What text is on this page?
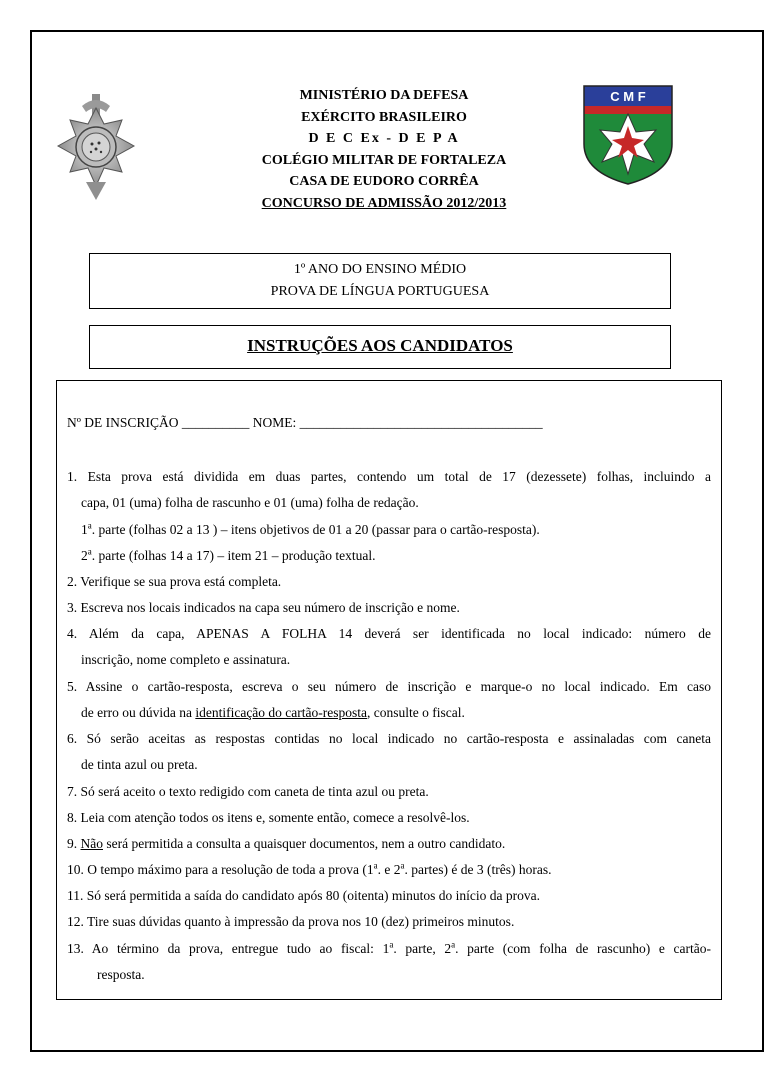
C M F
MINISTÉRIO DA DEFESA
EXÉRCITO BRASILEIRO
D E C Ex - D E P A
COLÉGIO MILITAR DE FORTALEZA
CASA DE EUDORO CORRÊA
CONCURSO DE ADMISSÃO 2012/2013
1º ANO DO ENSINO MÉDIO
PROVA DE LÍNGUA PORTUGUESA
INSTRUÇÕES AOS CANDIDATOS
Nº DE INSCRIÇÃO __________ NOME: ____________________________________
1. Esta prova está dividida em duas partes, contendo um total de 17 (dezessete) folhas, incluindo a
capa, 01 (uma) folha de rascunho e 01 (uma) folha de redação.
1$^a$. parte (folhas 02 a 13 ) – itens objetivos de 01 a 20 (passar para o cartão-resposta).
2$^a$. parte (folhas 14 a 17) – item 21 – produção textual.
2. Verifique se sua prova está completa.
3. Escreva nos locais indicados na capa seu número de inscrição e nome.
4. Além da capa, APENAS A FOLHA 14 deverá ser identificada no local indicado: número de
inscrição, nome completo e assinatura.
5. Assine o cartão-resposta, escreva o seu número de inscrição e marque-o no local indicado. Em caso
de erro ou dúvida na identificação do cartão-resposta, consulte o fiscal.
6. Só serão aceitas as respostas contidas no local indicado no cartão-resposta e assinaladas com caneta
de tinta azul ou preta.
7. Só será aceito o texto redigido com caneta de tinta azul ou preta.
8. Leia com atenção todos os itens e, somente então, comece a resolvê-los.
9. Não será permitida a consulta a quaisquer documentos, nem a outro candidato.
10. O tempo máximo para a resolução de toda a prova (1$^a$. e 2$^a$. partes) é de 3 (três) horas.
11. Só será permitida a saída do candidato após 80 (oitenta) minutos do início da prova.
12. Tire suas dúvidas quanto à impressão da prova nos 10 (dez) primeiros minutos.
13. Ao término da prova, entregue tudo ao fiscal: 1$^a$. parte, 2$^a$. parte (com folha de rascunho) e cartão-
resposta.
